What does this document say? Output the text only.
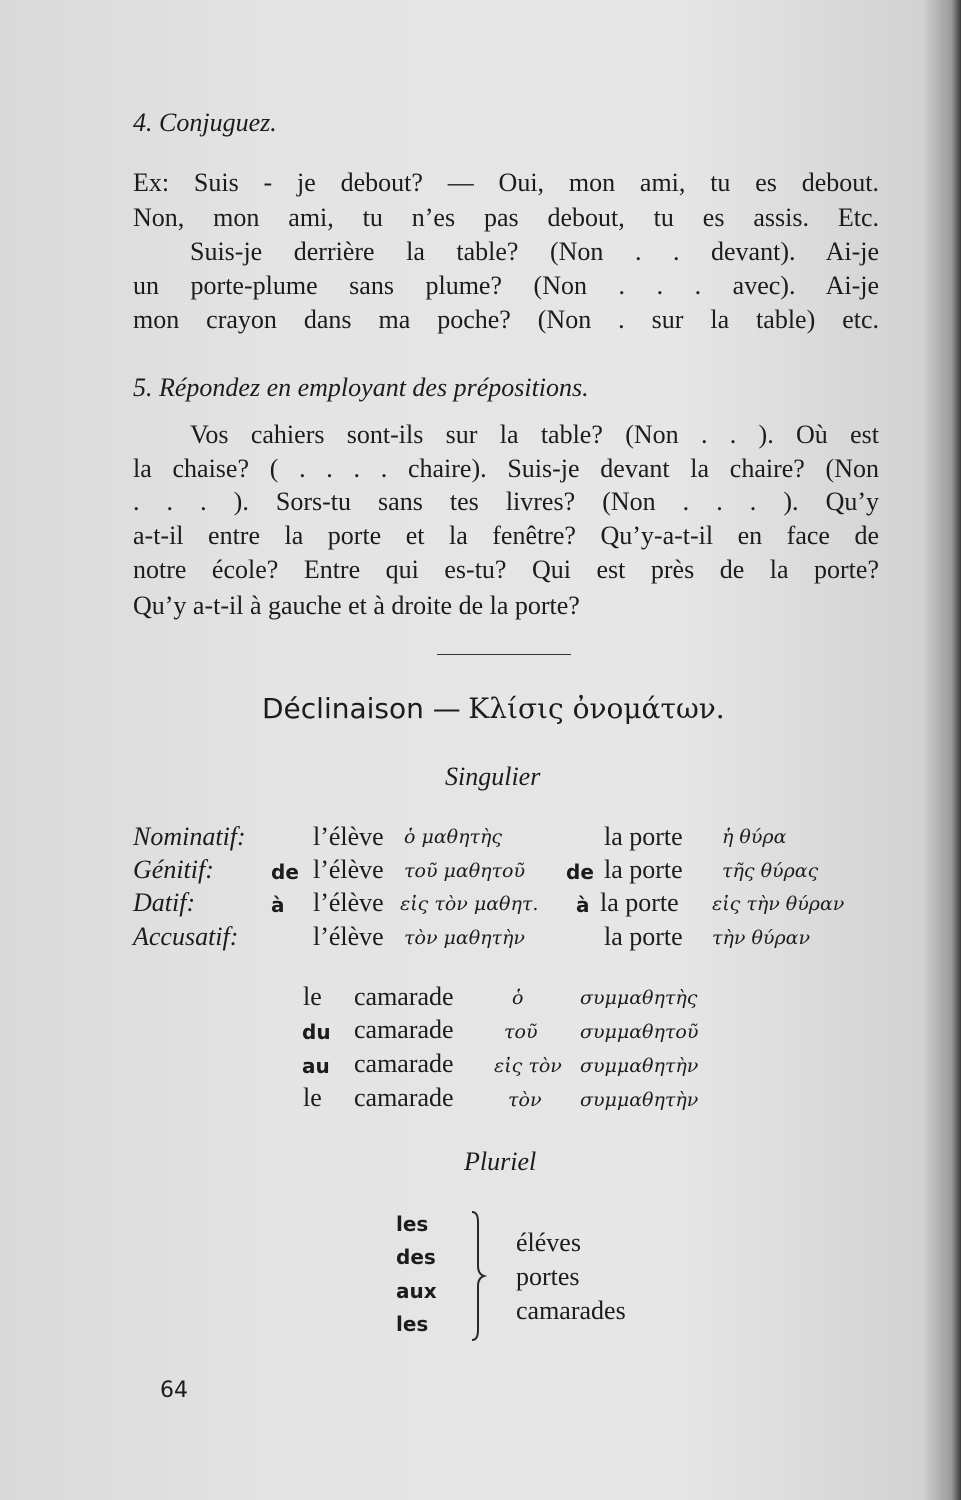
4. Conjuguez.
Ex: Suis - je debout? — Oui, mon ami, tu es debout.
Non, mon ami, tu n’es pas debout, tu es assis. Etc.
Suis-je derrière la table? (Non . . devant). Ai-je
un porte-plume sans plume? (Non . . . avec). Ai-je
mon crayon dans ma poche? (Non . sur la table) etc.
5. Répondez en employant des prépositions.
Vos cahiers sont-ils sur la table? (Non . . ). Où est
la chaise? ( . . . . chaire). Suis-je devant la chaire? (Non
. . . ). Sors-tu sans tes livres? (Non . . . ). Qu’y
a-t-il entre la porte et la fenêtre? Qu’y-a-t-il en face de
notre école? Entre qui es-tu? Qui est près de la porte?
Qu’y a-t-il à gauche et à droite de la porte?
Déclinaison — Κλίσις ὀνομάτων.
Singulier
Nominatif:	l’élève ὁ μαθητὴς	la porte ἡ θύρα
Génitif:	de l’élève τοῦ μαθητοῦ de la porte τῆς θύρας
Datif:	à l’élève εἰς τὸν μαθητ. à la porte εἰς τὴν θύραν
Accusatif:	l’élève τὸν μαθητὴν	la porte τὴν θύραν
le camarade	ὁ	συμμαθητὴς
du camarade	τοῦ συμμαθητοῦ
au camarade εἰς τὸν συμμαθητὴν
le camarade	τὸν συμμαθητὴν
Pluriel
les
des
aux
les
éléves
portes
camarades
64
